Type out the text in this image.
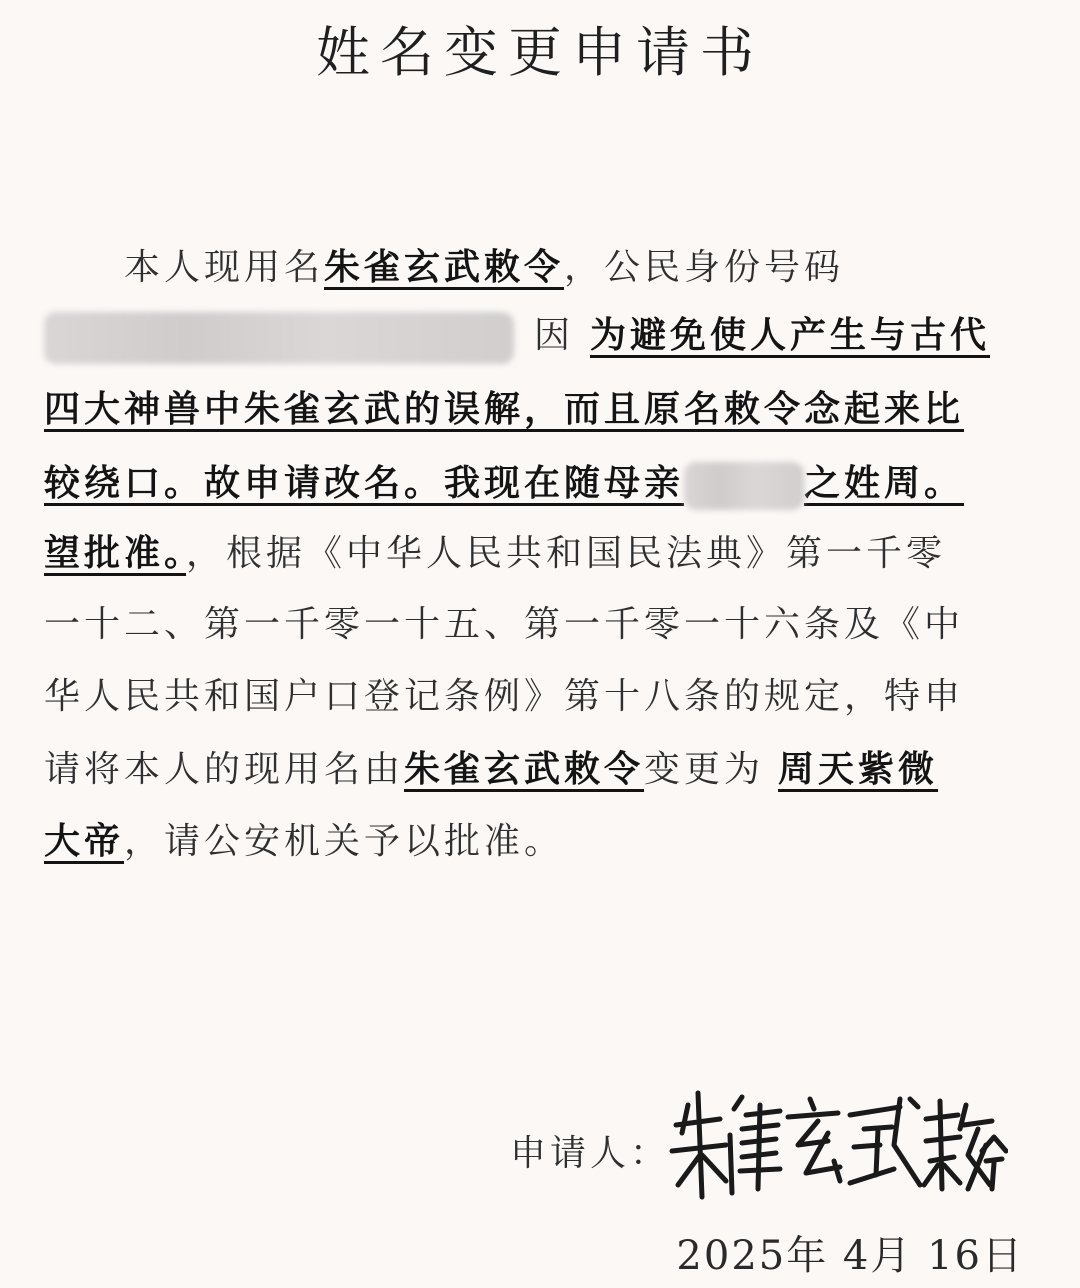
姓名变更申请书
本人现用名朱雀玄武敕令，公民身份号码
因 为避免使人产生与古代
四大神兽中朱雀玄武的误解，而且原名敕令念起来比
较绕口。故申请改名。我现在随母亲	之姓周。
望批准。，根据《中华人民共和国民法典》第一千零
一十二、第一千零一十五、第一千零一十六条及《中
华人民共和国户口登记条例》第十八条的规定，特申
请将本人的现用名由朱雀玄武敕令变更为 周天紫微
大帝，请公安机关予以批准。
申请人：
2025年 4月 16日
